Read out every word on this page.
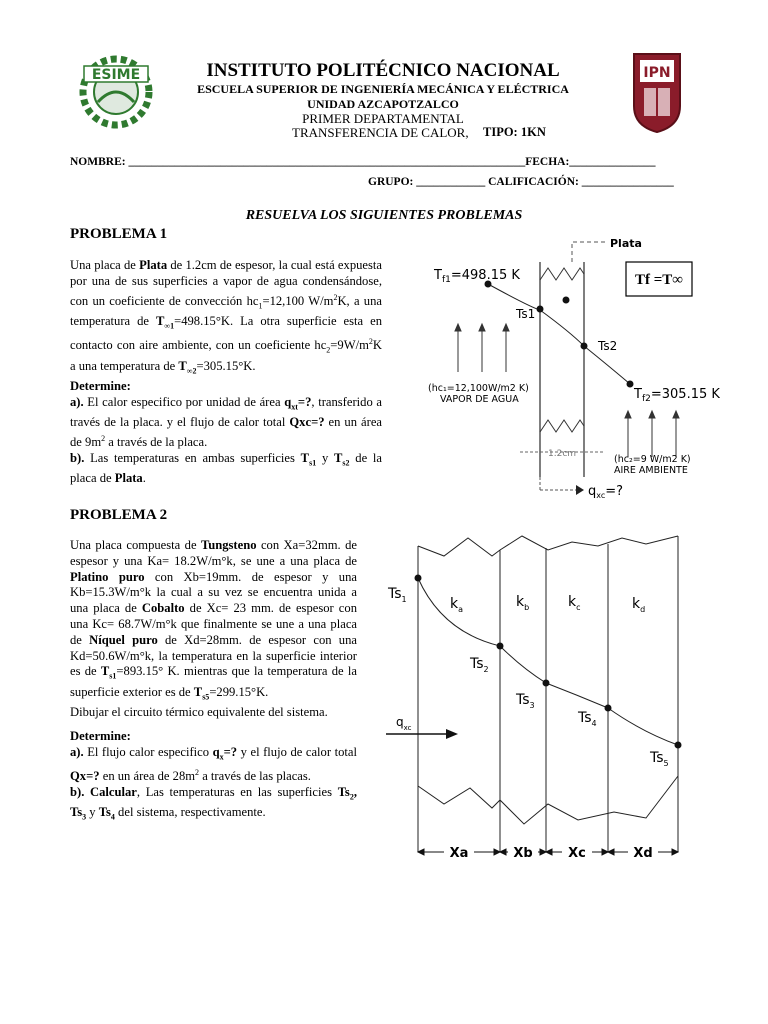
ESIME	IPN
INSTITUTO POLITÉCNICO NACIONAL
ESCUELA SUPERIOR DE INGENIERÍA MECÁNICA Y ELÉCTRICA
UNIDAD AZCAPOTZALCO
PRIMER DEPARTAMENTAL
TRANSFERENCIA DE CALOR, TIPO: 1KN
NOMBRE: _____________________________________________________________________FECHA:_______________
GRUPO: ____________ CALIFICACIÓN: ________________
RESUELVA LOS SIGUIENTES PROBLEMAS
PROBLEMA 1

Una placa de Plata de 1.2cm de espesor, la cual está expuesta por una de sus superficies a vapor de agua condensándose, con un coeficiente de convección $hc_1=12,100$ $W/m^2K$, a una temperatura de $T_{\infty 1}=498.15^\circ K$. La otra superficie esta en contacto con aire ambiente, con un coeficiente $hc_2=9W/m^2K$ a una temperatura de $T_{\infty 2}=305.15^\circ K$.

Determine:

a). El calor especifico por unidad de área $q_{xt}=$?, transferido a través de la placa. y el flujo de calor total Qxc=? en un área de $9m^2$ a través de la placa.

b). Las temperaturas en ambas superficies $T_{s1}$ y $T_{s2}$ de la placa de Plata.

Plata
$T_{f1}=498.15$ K	Tf =T∞
Ts1
Ts2
$T_{f2}=305.15$ K
(hc₁=12,100W/m2 K)
VAPOR DE AGUA
1.2cm	(hc₂=9 W/m2 K)
AIRE AMBIENTE
$q_{xc}=$?
PROBLEMA 2

Una placa compuesta de Tungsteno con Xa=32mm. de espesor y una Ka= 18.2W/m°k, se une a una placa de Platino puro con Xb=19mm. de espesor y una Kb=15.3W/m°k la cual a su vez se encuentra unida a una placa de Cobalto de Xc= 23 mm. de espesor con una Kc= 68.7W/m°k que finalmente se une a una placa de Níquel puro de Xd=28mm. de espesor con una Kd=50.6W/m°k, la temperatura en la superficie interior es de $T_{s1}=893.15^\circ$ K. mientras que la temperatura de la superficie exterior es de $T_{s5}=299.15^\circ K$.

Dibujar el circuito térmico equivalente del sistema.

Determine:

a). El flujo calor especifico $q_x=$? y el flujo de calor total Qx=? en un área de $28m^2$ a través de las placas.

b). Calcular, Las temperaturas en las superficies $Ts_2$, $Ts_3$ y $Ts_4$ del sistema, respectivamente.

$Ts_1$
$Ts_2$
$Ts_3$
$Ts_4$
$Ts_5$
$k_a$	$k_b$	$k_c$	$k_d$
$q_{xc}$
Xa	Xb	Xc	Xd
